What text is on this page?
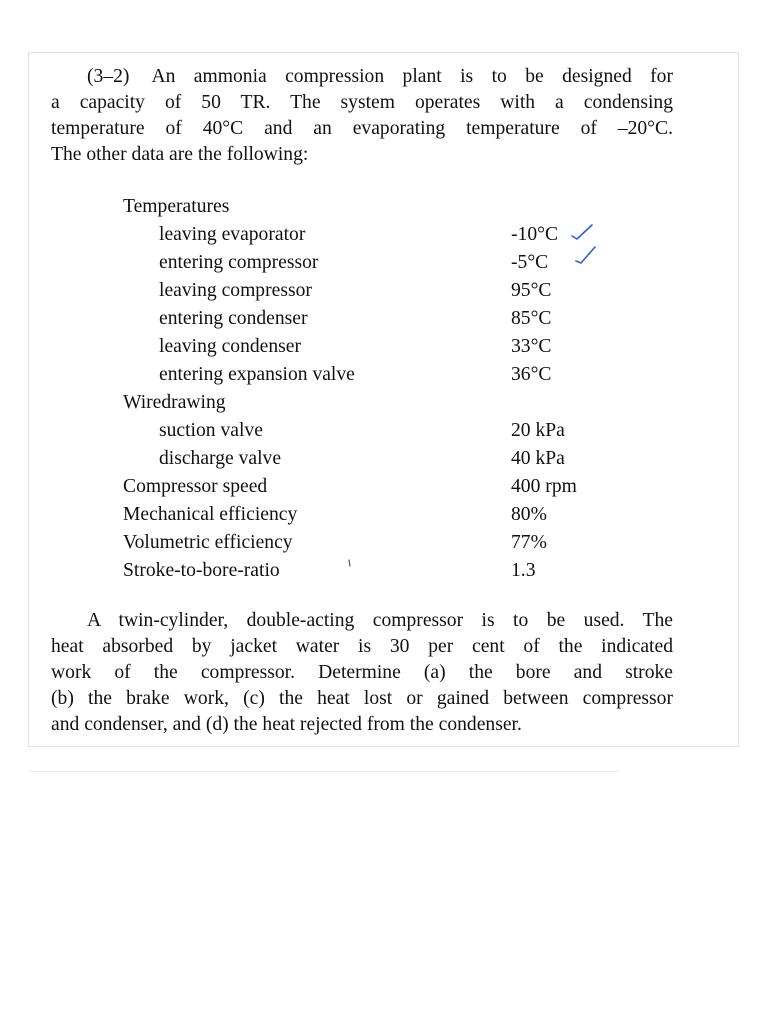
(3–2) An ammonia compression plant is to be designed for
a capacity of 50 TR. The system operates with a condensing
temperature of 40°C and an evaporating temperature of –20°C.
The other data are the following:

Temperatures
leaving evaporator	-10°C
entering compressor	-5°C
leaving compressor	95°C
entering condenser	85°C
leaving condenser	33°C
entering expansion valve	36°C
Wiredrawing
suction valve	20 kPa
discharge valve	40 kPa
Compressor speed	400 rpm
Mechanical efficiency	80%
Volumetric efficiency	77%
Stroke-to-bore-ratio	1.3

A twin-cylinder, double-acting compressor is to be used. The
heat absorbed by jacket water is 30 per cent of the indicated
work of the compressor. Determine (a) the bore and stroke
(b) the brake work, (c) the heat lost or gained between compressor
and condenser, and (d) the heat rejected from the condenser.
